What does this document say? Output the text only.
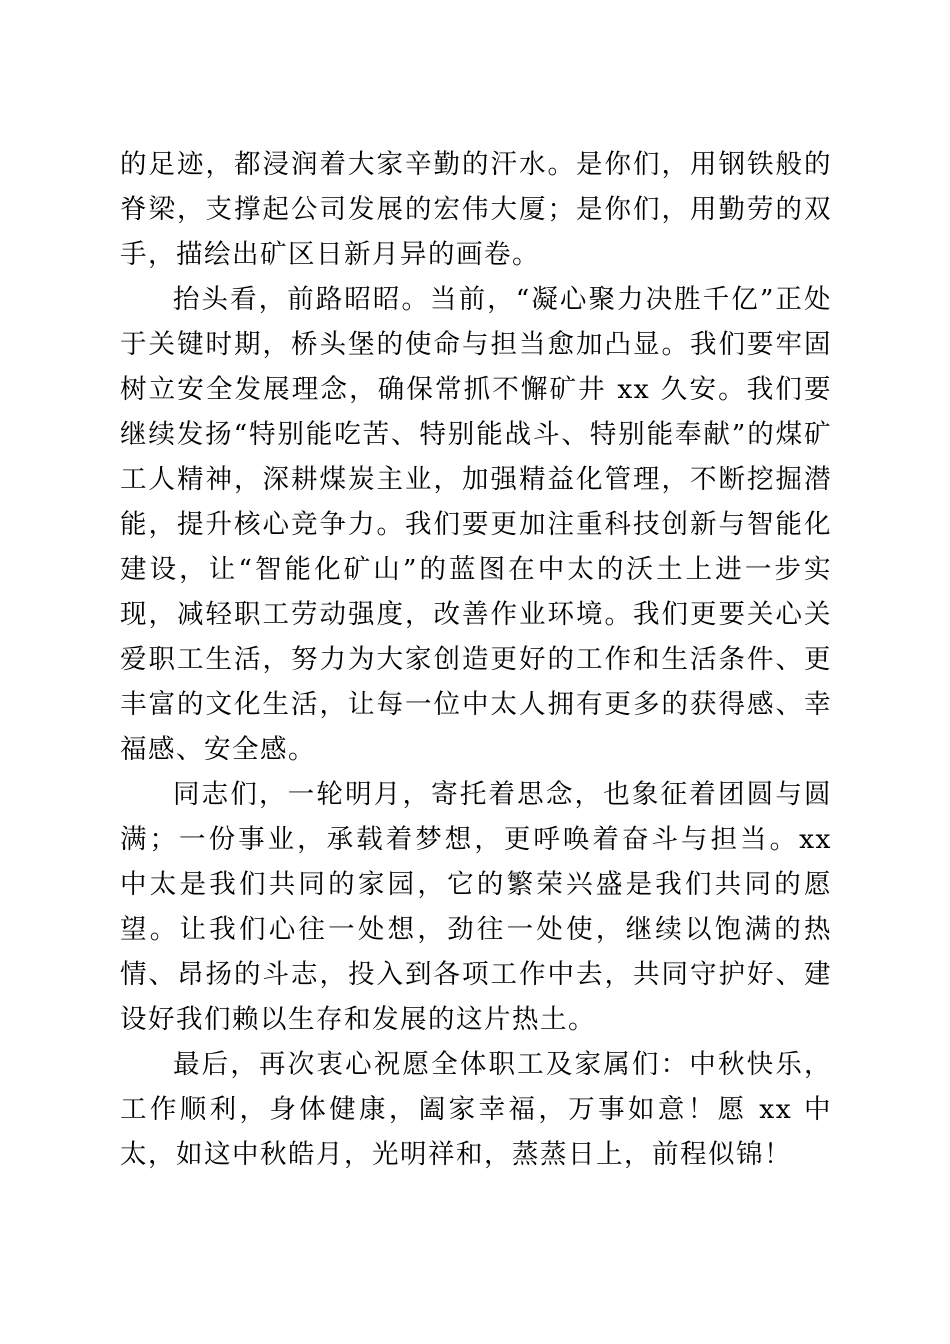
的足迹，都浸润着大家辛勤的汗水。是你们，用钢铁般的脊梁，支撑起公司发展的宏伟大厦；是你们，用勤劳的双手，描绘出矿区日新月异的画卷。

抬头看，前路昭昭。当前，“凝心聚力决胜千亿”正处于关键时期，桥头堡的使命与担当愈加凸显。我们要牢固树立安全发展理念，确保常抓不懈矿井 xx 久安。我们要继续发扬“特别能吃苦、特别能战斗、特别能奉献”的煤矿工人精神，深耕煤炭主业，加强精益化管理，不断挖掘潜能，提升核心竞争力。我们要更加注重科技创新与智能化建设，让“智能化矿山”的蓝图在中太的沃土上进一步实现，减轻职工劳动强度，改善作业环境。我们更要关心关爱职工生活，努力为大家创造更好的工作和生活条件、更丰富的文化生活，让每一位中太人拥有更多的获得感、幸福感、安全感。

同志们，一轮明月，寄托着思念，也象征着团圆与圆满；一份事业，承载着梦想，更呼唤着奋斗与担当。xx 中太是我们共同的家园，它的繁荣兴盛是我们共同的愿望。让我们心往一处想，劲往一处使，继续以饱满的热情、昂扬的斗志，投入到各项工作中去，共同守护好、建设好我们赖以生存和发展的这片热土。

最后，再次衷心祝愿全体职工及家属们：中秋快乐，工作顺利，身体健康，阖家幸福，万事如意！愿 xx 中太，如这中秋皓月，光明祥和，蒸蒸日上，前程似锦！
